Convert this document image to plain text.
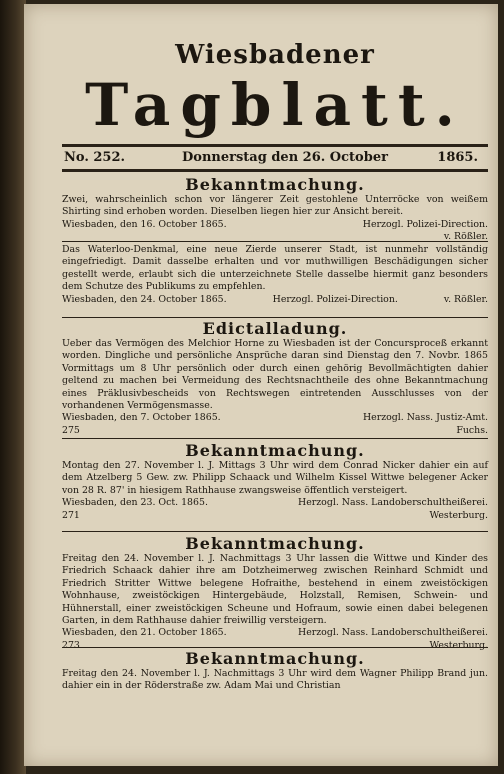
Wiesbadener
Tagblatt.
No. 252.	Donnerstag den 26. October	1865.
Bekanntmachung.
Zwei, wahrscheinlich schon vor längerer Zeit gestohlene Unterröcke von weißem Shirting sind erhoben worden. Dieselben liegen hier zur Ansicht bereit.
Wiesbaden, den 16. October 1865.	Herzogl. Polizei-Direction.
v. Rößler.
Das Waterloo-Denkmal, eine neue Zierde unserer Stadt, ist nunmehr vollständig eingefriedigt. Damit dasselbe erhalten und vor muthwilligen Beschädigungen sicher gestellt werde, erlaubt sich die unterzeichnete Stelle dasselbe hiermit ganz besonders dem Schutze des Publikums zu empfehlen.
Wiesbaden, den 24. October 1865.	Herzogl. Polizei-Direction.	v. Rößler.
Edictalladung.
Ueber das Vermögen des Melchior Horne zu Wiesbaden ist der Concursproceß erkannt worden. Dingliche und persönliche Ansprüche daran sind Dienstag den 7. Novbr. 1865 Vormittags um 8 Uhr persönlich oder durch einen gehörig Bevollmächtigten dahier geltend zu machen bei Vermeidung des Rechtsnachtheile des ohne Bekanntmachung eines Präklusivbescheids von Rechtswegen eintretenden Ausschlusses von der vorhandenen Vermögensmasse.
Wiesbaden, den 7. October 1865.	Herzogl. Nass. Justiz-Amt.
275	Fuchs.
Bekanntmachung.
Montag den 27. November l. J. Mittags 3 Uhr wird dem Conrad Nicker dahier ein auf dem Atzelberg 5 Gew. zw. Philipp Schaack und Wilhelm Kissel Wittwe belegener Acker von 28 R. 87' in hiesigem Rathhause zwangsweise öffentlich versteigert.
Wiesbaden, den 23. Oct. 1865.	Herzogl. Nass. Landoberschultheißerei.
271	Westerburg.
Bekanntmachung.
Freitag den 24. November l. J. Nachmittags 3 Uhr lassen die Wittwe und Kinder des Friedrich Schaack dahier ihre am Dotzheimerweg zwischen Reinhard Schmidt und Friedrich Stritter Wittwe belegene Hofraithe, bestehend in einem zweistöckigen Wohnhause, zweistöckigen Hintergebäude, Holzstall, Remisen, Schwein- und Hühnerstall, einer zweistöckigen Scheune und Hofraum, sowie einen dabei belegenen Garten, in dem Rathhause dahier freiwillig versteigern.
Wiesbaden, den 21. October 1865.	Herzogl. Nass. Landoberschultheißerei.
273	Westerburg.
Bekanntmachung.
Freitag den 24. November l. J. Nachmittags 3 Uhr wird dem Wagner Philipp Brand jun. dahier ein in der Röderstraße zw. Adam Mai und Christian
